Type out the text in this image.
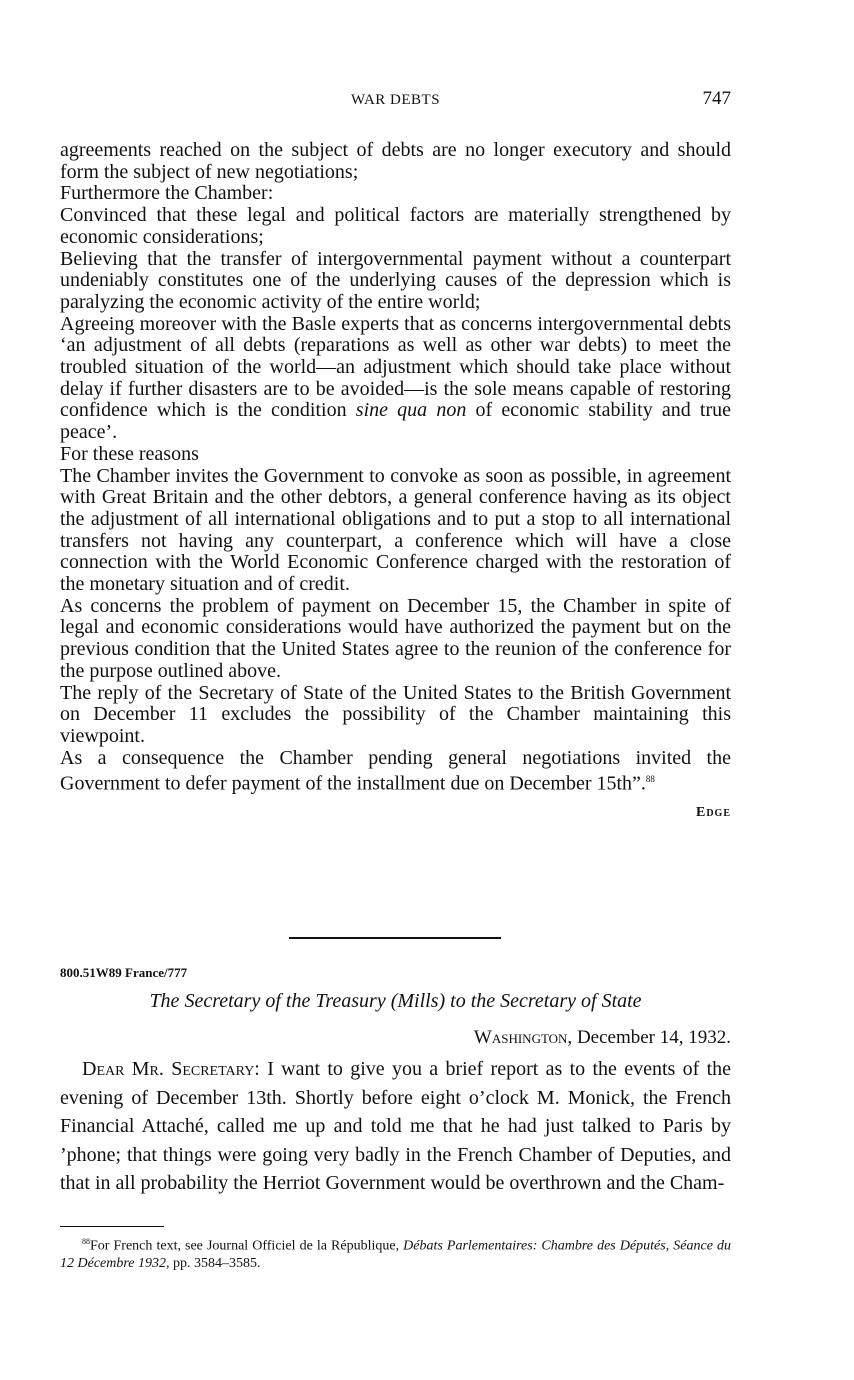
WAR DEBTS	747

agreements reached on the subject of debts are no longer executory and should form the subject of new negotiations;

Furthermore the Chamber:

Convinced that these legal and political factors are materially strengthened by economic considerations;

Believing that the transfer of intergovernmental payment without a counterpart undeniably constitutes one of the underlying causes of the depression which is paralyzing the economic activity of the entire world;

Agreeing moreover with the Basle experts that as concerns intergovernmental debts ‘an adjustment of all debts (reparations as well as other war debts) to meet the troubled situation of the world—an adjustment which should take place without delay if further disasters are to be avoided—is the sole means capable of restoring confidence which is the condition sine qua non of economic stability and true peace’.

For these reasons

The Chamber invites the Government to convoke as soon as possible, in agreement with Great Britain and the other debtors, a general conference having as its object the adjustment of all international obligations and to put a stop to all international transfers not having any counterpart, a conference which will have a close connection with the World Economic Conference charged with the restoration of the monetary situation and of credit.

As concerns the problem of payment on December 15, the Chamber in spite of legal and economic considerations would have authorized the payment but on the previous condition that the United States agree to the reunion of the conference for the purpose outlined above.

The reply of the Secretary of State of the United States to the British Government on December 11 excludes the possibility of the Chamber maintaining this viewpoint.

As a consequence the Chamber pending general negotiations invited the Government to defer payment of the installment due on December 15th”.$^{88}$

Edge
800.51W89 France/777
The Secretary of the Treasury (Mills) to the Secretary of State
Washington, December 14, 1932.

Dear Mr. Secretary: I want to give you a brief report as to the events of the evening of December 13th. Shortly before eight o’clock M. Monick, the French Financial Attaché, called me up and told me that he had just talked to Paris by ’phone; that things were going very badly in the French Chamber of Deputies, and that in all probability the Herriot Government would be overthrown and the Cham-

$^{88}$For French text, see Journal Officiel de la République, Débats Parlementaires: Chambre des Députés, Séance du 12 Décembre 1932, pp. 3584–3585.
